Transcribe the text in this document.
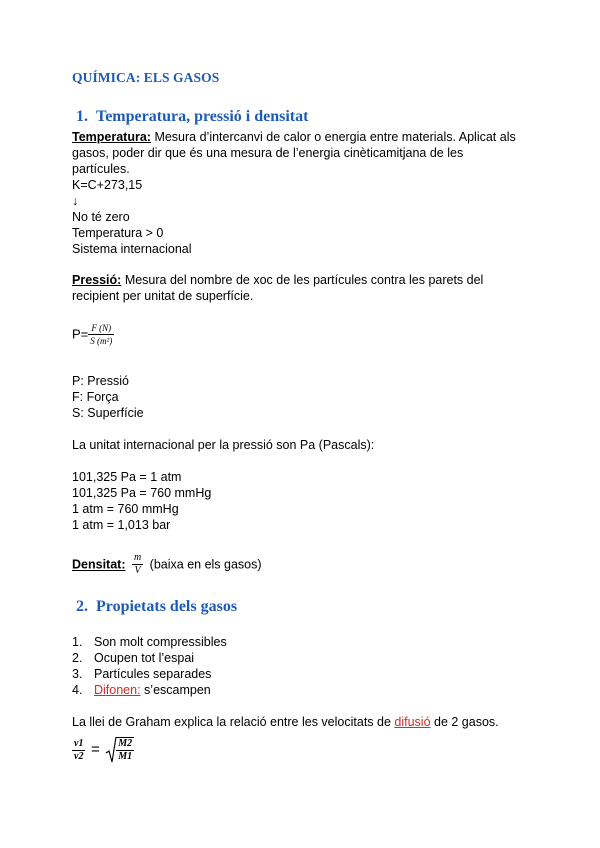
QUÍMICA: ELS GASOS
1. Temperatura, pressió i densitat
Temperatura: Mesura d’intercanvi de calor o energia entre materials. Aplicat als gasos, poder dir que és una mesura de l’energia cinèticamitjana de les partícules.
K=C+273,15
↓
No té zero
Temperatura > 0
Sistema internacional
Pressió: Mesura del nombre de xoc de les partícules contra les parets del recipient per unitat de superfície.
$P= \frac{F (N)}{\text{S (m²)}}$
P: Pressió
F: Força
S: Superfície
La unitat internacional per la pressió son Pa (Pascals):
101,325 Pa = 1 atm
101,325 Pa = 760 mmHg
1 atm = 760 mmHg
1 atm = 1,013 bar
Densitat: $\frac{m}{V}$ (baixa en els gasos)
2. Propietats dels gasos
1. Son molt compressibles
2. Ocupen tot l’espai
3. Partícules separades
4. Difonen: s’escampen
La llei de Graham explica la relació entre les velocitats de difusió de 2 gasos.
$\frac{v1}{v2} = \frac{M2}{M1}$
